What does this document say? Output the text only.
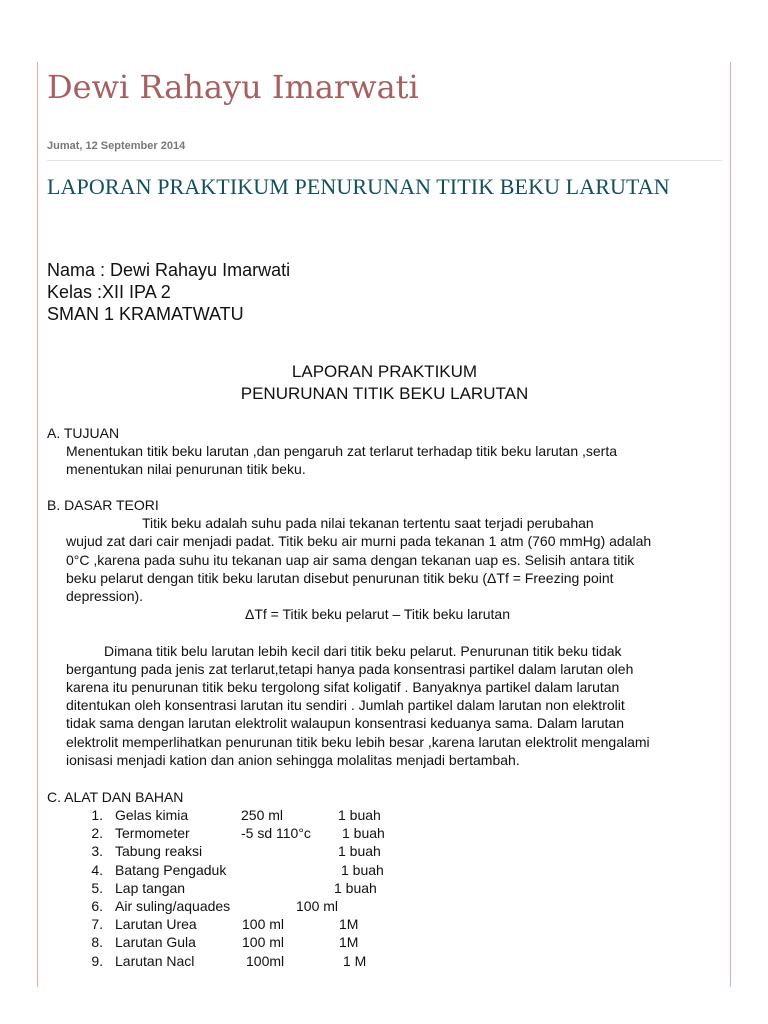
Dewi Rahayu Imarwati
Jumat, 12 September 2014
LAPORAN PRAKTIKUM PENURUNAN TITIK BEKU LARUTAN
Nama : Dewi Rahayu Imarwati
Kelas :XII IPA 2
SMAN 1 KRAMATWATU
LAPORAN PRAKTIKUM
PENURUNAN TITIK BEKU LARUTAN
A. TUJUAN
Menentukan titik beku larutan ,dan pengaruh zat terlarut terhadap titik beku larutan ,serta
menentukan nilai penurunan titik beku.
B. DASAR TEORI
Titik beku adalah suhu pada nilai tekanan tertentu saat terjadi perubahan
wujud zat dari cair menjadi padat. Titik beku air murni pada tekanan 1 atm (760 mmHg) adalah
0°C ,karena pada suhu itu tekanan uap air sama dengan tekanan uap es. Selisih antara titik
beku pelarut dengan titik beku larutan disebut penurunan titik beku (ΔTf = Freezing point
depression).
ΔTf = Titik beku pelarut – Titik beku larutan
Dimana titik belu larutan lebih kecil dari titik beku pelarut. Penurunan titik beku tidak
bergantung pada jenis zat terlarut,tetapi hanya pada konsentrasi partikel dalam larutan oleh
karena itu penurunan titik beku tergolong sifat koligatif . Banyaknya partikel dalam larutan
ditentukan oleh konsentrasi larutan itu sendiri . Jumlah partikel dalam larutan non elektrolit
tidak sama dengan larutan elektrolit walaupun konsentrasi keduanya sama. Dalam larutan
elektrolit memperlihatkan penurunan titik beku lebih besar ,karena larutan elektrolit mengalami
ionisasi menjadi kation dan anion sehingga molalitas menjadi bertambah.
C. ALAT DAN BAHAN
1. Gelas kimia	250 ml	1 buah
2. Termometer	-5 sd 110°c 1 buah
3. Tabung reaksi	1 buah
4. Batang Pengaduk	1 buah
5. Lap tangan	1 buah
6. Air suling/aquades	100 ml
7. Larutan Urea	100 ml	1M
8. Larutan Gula	100 ml	1M
9. Larutan Nacl	100ml	1 M
